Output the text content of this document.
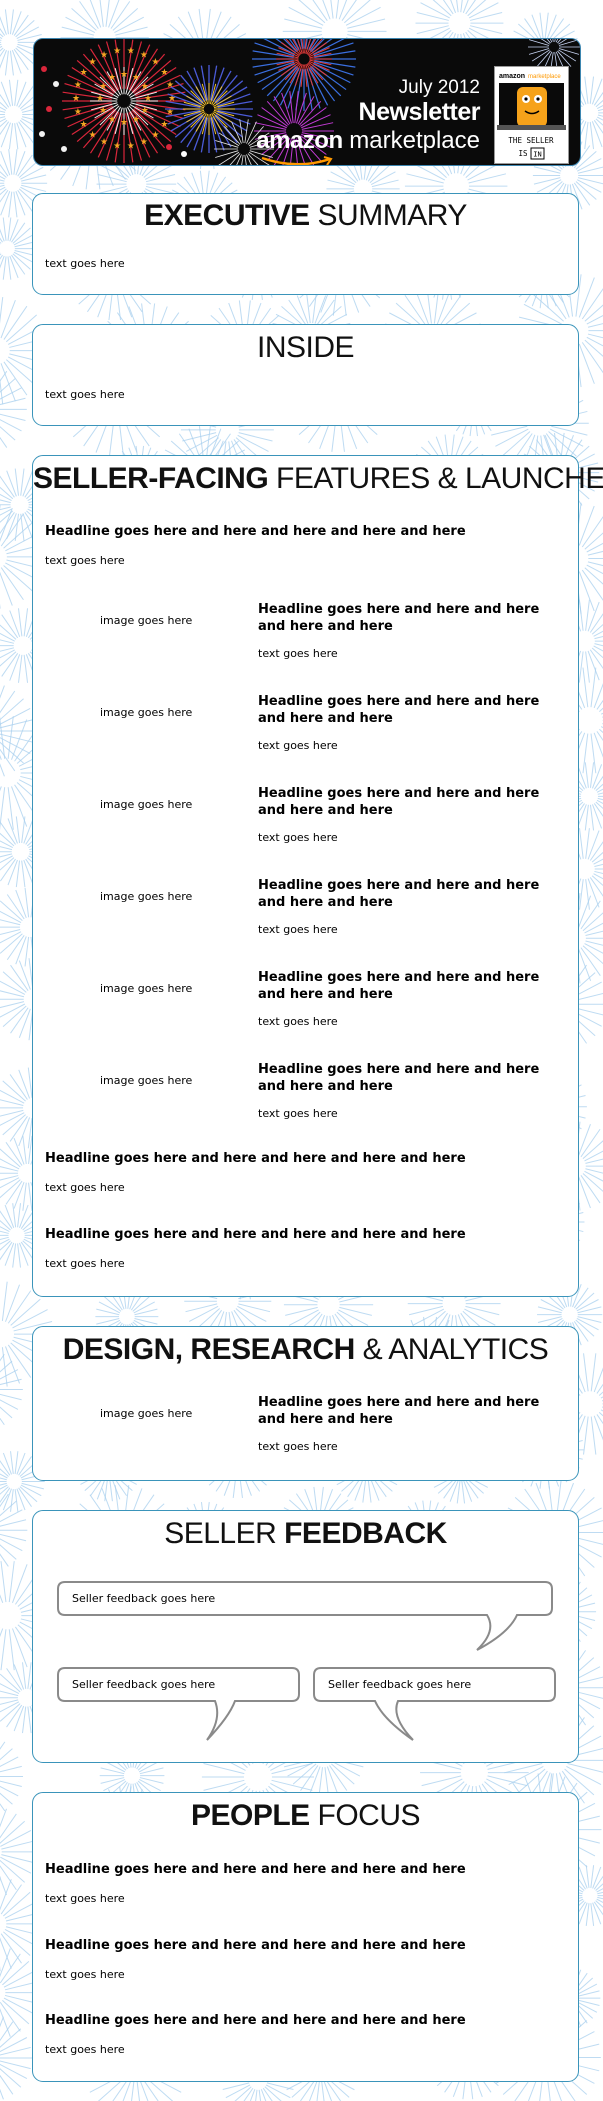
★
★
★
★
★
★
★
★
★
★
★
★
★
★
★
★ ★ ★ ★
★
★
★
★
★
★
★
★
★
★
★
★ ★ ★
★	July 2012
Newsletter
amazon marketplace
amazon marketplace
THE SELLER
IS IN
EXECUTIVE SUMMARY
text goes here
INSIDE
text goes here
SELLER-FACING FEATURES & LAUNCHES
Headline goes here and here and here and here and here
text goes here
image goes here
Headline goes here and here and here and here and here
text goes here
image goes here
Headline goes here and here and here and here and here
text goes here
image goes here
Headline goes here and here and here and here and here
text goes here
image goes here
Headline goes here and here and here and here and here
text goes here
image goes here
Headline goes here and here and here and here and here
text goes here
image goes here
Headline goes here and here and here and here and here
text goes here
Headline goes here and here and here and here and here
text goes here
Headline goes here and here and here and here and here
text goes here
DESIGN, RESEARCH & ANALYTICS
image goes here
Headline goes here and here and here and here and here
text goes here
SELLER FEEDBACK
Seller feedback goes here
Seller feedback goes here	Seller feedback goes here
PEOPLE FOCUS
Headline goes here and here and here and here and here
text goes here
Headline goes here and here and here and here and here
text goes here
Headline goes here and here and here and here and here
text goes here
